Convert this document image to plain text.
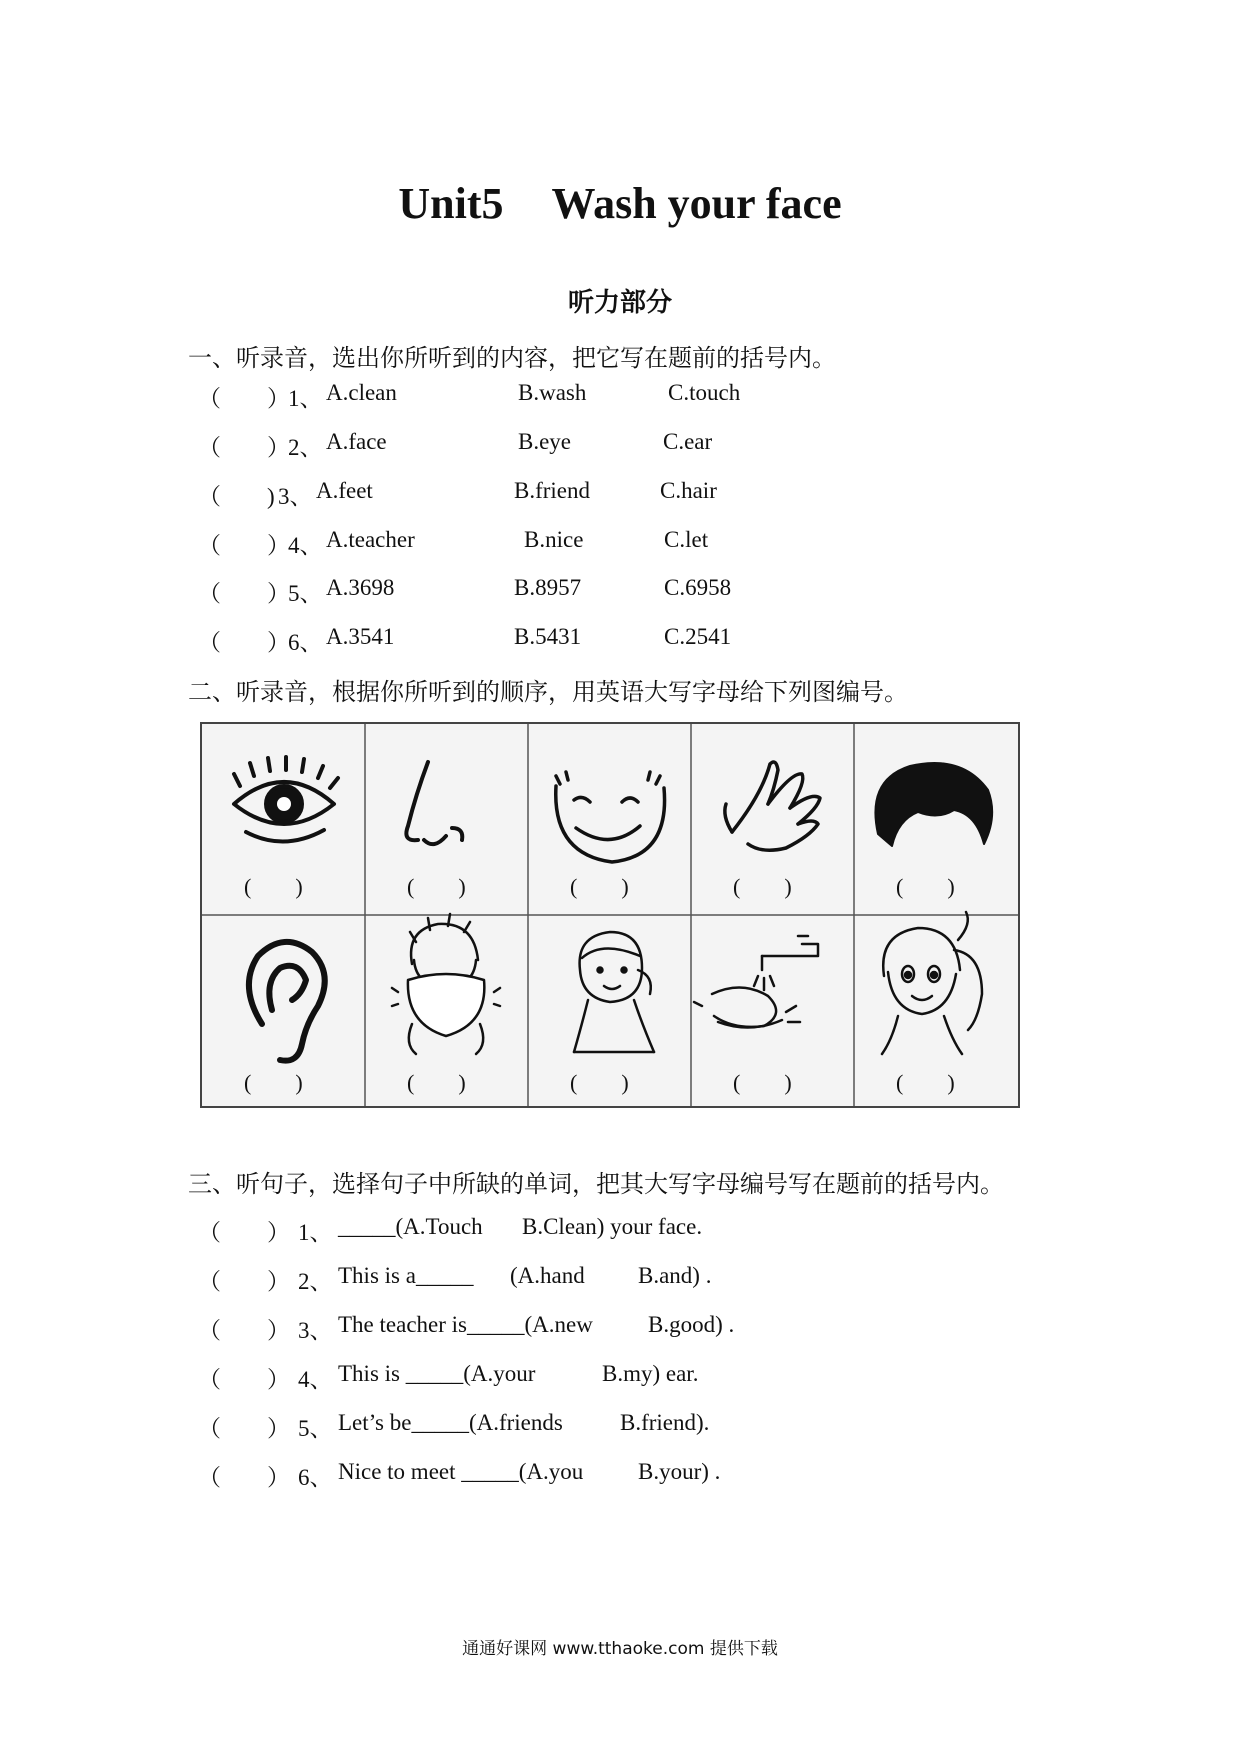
Unit5 Wash your face
听力部分
一、听录音，选出你所听到的内容，把它写在题前的括号内。
（　　）
1、 A.clean	B.wash	C.touch
（　　）
2、 A.face	B.eye	C.ear
（　　) 3、 A.feet	B.friend	C.hair
（　　）
4、 A.teacher	B.nice	C.let
（　　）
5、 A.3698	B.8957	C.6958
（　　）
6、 A.3541	B.5431	C.2541
二、听录音，根据你所听到的顺序，用英语大写字母给下列图编号。
(　　)	(　　)	(　　)	(　　)	(　　)
(　　)	(　　)	(　　)	(　　)	(　　)
三、听句子，选择句子中所缺的单词，把其大写字母编号写在题前的括号内。
（　　） 1、 _____(A.Touch B.Clean) your face.
（　　） 2、 This is a_____ (A.hand B.and) .
（　　） 3、 The teacher is_____(A.new B.good) .
（　　） 4、 This is _____(A.your	B.my) ear.
（　　） 5、 Let’s be_____(A.friends B.friend).
（　　） 6、 Nice to meet _____(A.you B.your) .
通通好课网 www.tthaoke.com 提供下载
